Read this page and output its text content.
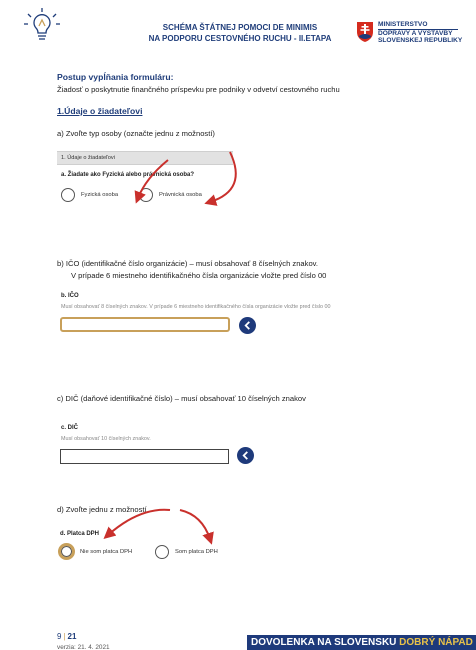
SCHÉMA ŠTÁTNEJ POMOCI DE MINIMIS
NA PODPORU CESTOVNÉHO RUCHU - II.ETAPA
MINISTERSTVO
DOPRAVY A VÝSTAVBY
SLOVENSKEJ REPUBLIKY
Postup vypĺňania formuláru:
Žiadosť o poskytnutie finančného príspevku pre podniky v odvetví cestovného ruchu
1.Údaje o žiadateľovi
a) Zvoľte typ osoby (označte jednu z možností)
1. Údaje o žiadateľovi
a. Žiadate ako Fyzická alebo právnická osoba?
Fyzická osoba	Právnická osoba
b) IČO (identifikačné číslo organizácie) – musí obsahovať 8 číselných znakov.
V prípade 6 miestneho identifikačného čísla organizácie vložte pred číslo 00
b. IČO
Musí obsahovať 8 číselných znakov. V prípade 6 miestneho identifikačného čísla organizácie vložte pred číslo 00
c) DIČ (daňové identifikačné číslo) – musí obsahovať 10 číselných znakov
c. DIČ
Musí obsahovať 10 číselných znakov.
d) Zvoľte jednu z možností
d. Platca DPH
Nie som platca DPH	Som platca DPH
9 | 21
verzia: 21. 4. 2021	DOVOLENKA NA SLOVENSKU DOBRÝ NÁPAD
